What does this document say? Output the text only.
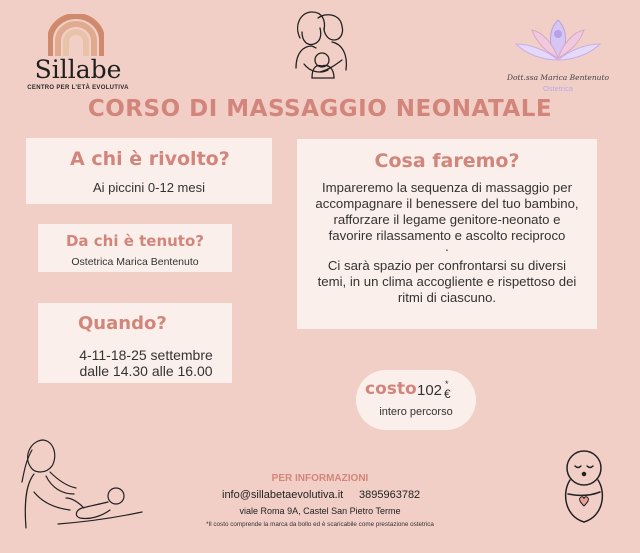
Sillabe
CENTRO PER L'ETÀ EVOLUTIVA
Dott.ssa Marica Bentenuto
Ostetrica
CORSO DI MASSAGGIO NEONATALE
A chi è rivolto?
Ai piccini 0-12 mesi
Da chi è tenuto?
Ostetrica Marica Bentenuto
Quando?
4-11-18-25 settembre
dalle 14.30 alle 16.00
Cosa faremo?
Impareremo la sequenza di massaggio per
accompagnare il benessere del tuo bambino,
rafforzare il legame genitore-neonato e
favorire rilassamento e ascolto reciproco
.
Ci sarà spazio per confrontarsi su diversi
temi, in un clima accogliente e rispettoso dei
ritmi di ciascuno.
costo 102 *
€
intero percorso
PER INFORMAZIONI
info@sillabetaevolutiva.it 3895963782
viale Roma 9A, Castel San Pietro Terme
*Il costo comprende la marca da bollo ed è scaricabile come prestazione ostetrica
